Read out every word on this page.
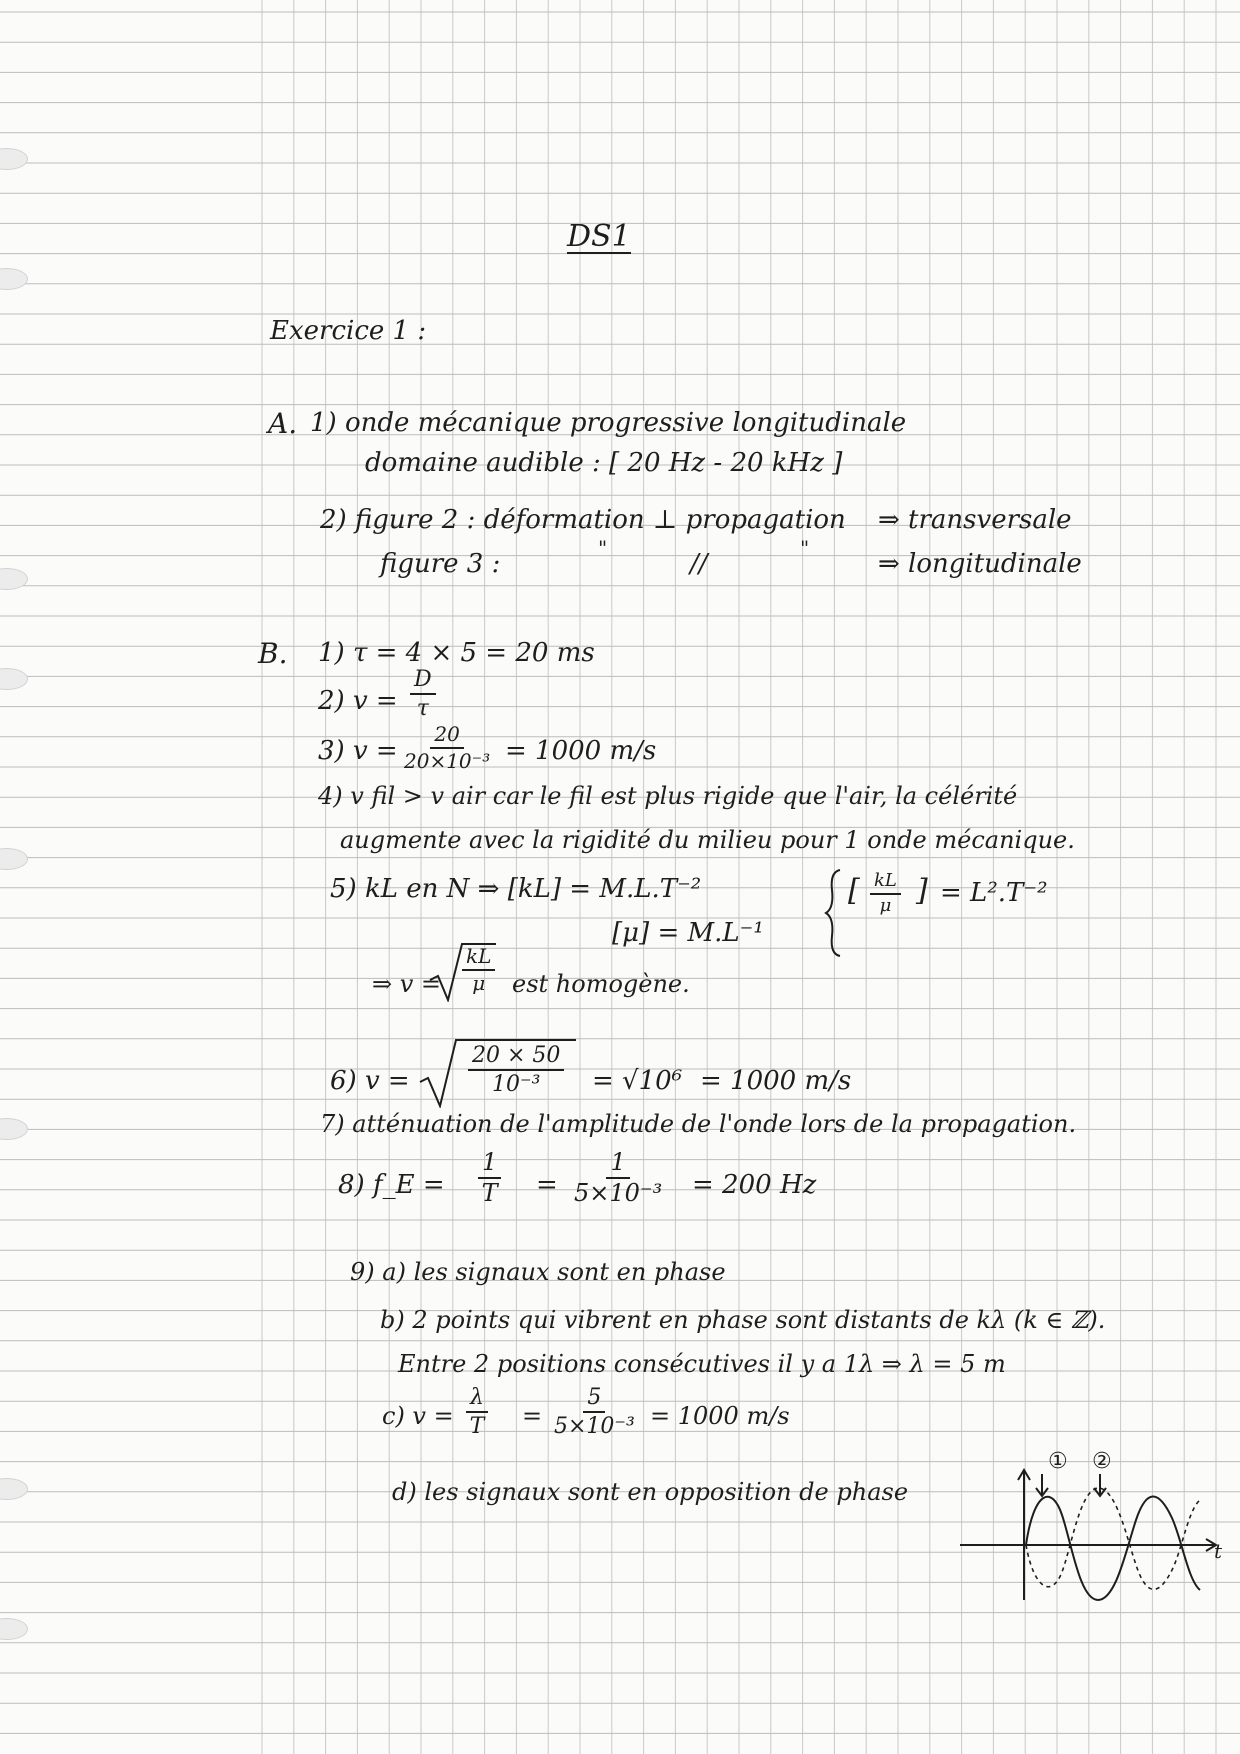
DS1
Exercice 1 :
A. 1) onde mécanique progressive longitudinale
domaine audible : [ 20 Hz - 20 kHz ]
2) figure 2 : déformation ⊥ propagation ⇒ transversale
figure 3 :
"
//
"
⇒ longitudinale
B. 1) τ = 4 × 5 = 20 ms
2) $v = \frac{D}{\tau}$
3) $v = \frac{20}{\text{20×10⁻³}} = 1000$ m/s
4) v fil > v air car le fil est plus rigide que l'air, la célérité
augmente avec la rigidité du milieu pour 1 onde mécanique.
5) kL en N ⇒ [kL] = M.L.T⁻²
[μ] = M.L⁻¹
[ $\frac{kL}{\mu}$ ] = L².T⁻²
⇒ $v = \frac{kL}{\mu}$ est homogène.
6) v =	$\frac{20 \times 50}{\text{10⁻³}} = √10^6 = 1000$ m/s
7) atténuation de l'amplitude de l'onde lors de la propagation.
8) f_E = $\frac{1}{T} = \frac{1}{\text{5×10⁻³}} = 200$ Hz
9) a) les signaux sont en phase
b) 2 points qui vibrent en phase sont distants de kλ (k ∈ ℤ).
Entre 2 positions consécutives il y a 1λ ⇒ λ = 5 m
c) $v = \frac{\lambda}{T} = \frac{5}{\text{5×10⁻³}} = 1000$ m/s
d) les signaux sont en opposition de phase
① ②
t
